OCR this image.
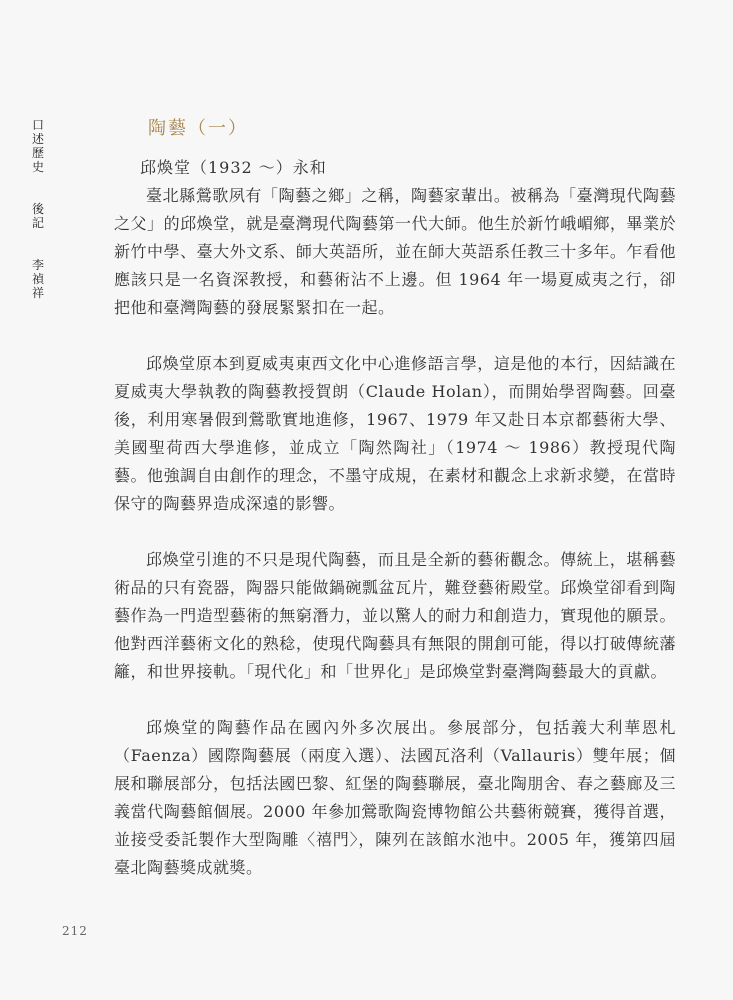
口
述
歷
史
後
記
李
禎
祥
陶藝（一）

邱煥堂（1932 ～）永和

臺北縣鶯歌夙有「陶藝之鄉」之稱，陶藝家輩出。被稱為「臺灣現代陶藝之父」的邱煥堂，就是臺灣現代陶藝第一代大師。他生於新竹峨嵋鄉，畢業於新竹中學、臺大外文系、師大英語所，並在師大英語系任教三十多年。乍看他應該只是一名資深教授，和藝術沾不上邊。但 1964 年一場夏威夷之行，卻把他和臺灣陶藝的發展緊緊扣在一起。

邱煥堂原本到夏威夷東西文化中心進修語言學，這是他的本行，因結識在夏威夷大學執教的陶藝教授賀朗（Claude Holan），而開始學習陶藝。回臺後，利用寒暑假到鶯歌實地進修，1967、1979 年又赴日本京都藝術大學、美國聖荷西大學進修，並成立「陶然陶社」（1974 ～ 1986）教授現代陶藝。他強調自由創作的理念，不墨守成規，在素材和觀念上求新求變，在當時保守的陶藝界造成深遠的影響。

邱煥堂引進的不只是現代陶藝，而且是全新的藝術觀念。傳統上，堪稱藝術品的只有瓷器，陶器只能做鍋碗瓢盆瓦片，難登藝術殿堂。邱煥堂卻看到陶藝作為一門造型藝術的無窮潛力，並以驚人的耐力和創造力，實現他的願景。他對西洋藝術文化的熟稔，使現代陶藝具有無限的開創可能，得以打破傳統藩籬，和世界接軌。「現代化」和「世界化」是邱煥堂對臺灣陶藝最大的貢獻。

邱煥堂的陶藝作品在國內外多次展出。參展部分，包括義大利華恩札（Faenza）國際陶藝展（兩度入選）、法國瓦洛利（Vallauris）雙年展；個展和聯展部分，包括法國巴黎、紅堡的陶藝聯展，臺北陶朋舍、春之藝廊及三義當代陶藝館個展。2000 年參加鶯歌陶瓷博物館公共藝術競賽，獲得首選，並接受委託製作大型陶雕〈禧門〉，陳列在該館水池中。2005 年，獲第四屆臺北陶藝獎成就獎。

212
